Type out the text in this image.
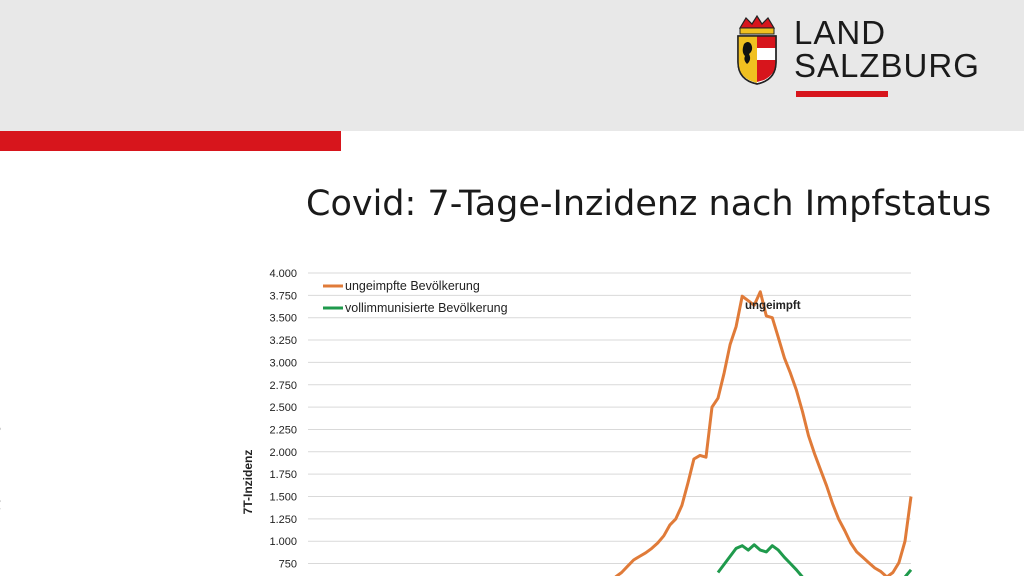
LAND
SALZBURG
Covid: 7-Tage-Inzidenz nach Impfstatus
4.000
3.750
3.500
3.250
3.000
2.750
2.500
2.250
2.000
1.750
1.500
1.250
1.000
750
7T-Inzidenz
ungeimpfte Bevölkerung
vollimmunisierte Bevölkerung	ungeimpft
